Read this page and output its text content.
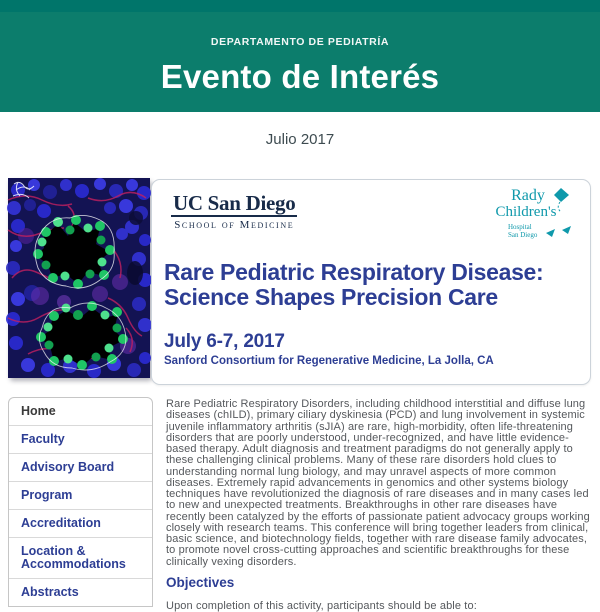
DEPARTAMENTO DE PEDIATRÍA
Evento de Interés
Julio 2017
UC San Diego
School of Medicine
Rady
Children's
Hospital
San Diego
Rare Pediatric Respiratory Disease:
Science Shapes Precision Care
July 6-7, 2017
Sanford Consortium for Regenerative Medicine, La Jolla, CA
Home
Faculty
Advisory Board
Program
Accreditation
Location & Accommodations
Abstracts

Rare Pediatric Respiratory Disorders, including childhood interstitial and diffuse lung diseases (chILD), primary ciliary dyskinesia (PCD) and lung involvement in systemic juvenile inflammatory arthritis (sJIA) are rare, high-morbidity, often life-threatening disorders that are poorly understood, under-recognized, and have little evidence-based therapy. Adult diagnosis and treatment paradigms do not generally apply to these challenging clinical problems. Many of these rare disorders hold clues to understanding normal lung biology, and may unravel aspects of more common diseases. Extremely rapid advancements in genomics and other systems biology techniques have revolutionized the diagnosis of rare diseases and in many cases led to new and unexpected treatments. Breakthroughs in other rare diseases have recently been catalyzed by the efforts of passionate patient advocacy groups working closely with research teams. This conference will bring together leaders from clinical, basic science, and biotechnology fields, together with rare disease family advocates, to promote novel cross-cutting approaches and scientific breakthroughs for these clinically vexing disorders.

Objectives

Upon completion of this activity, participants should be able to:
